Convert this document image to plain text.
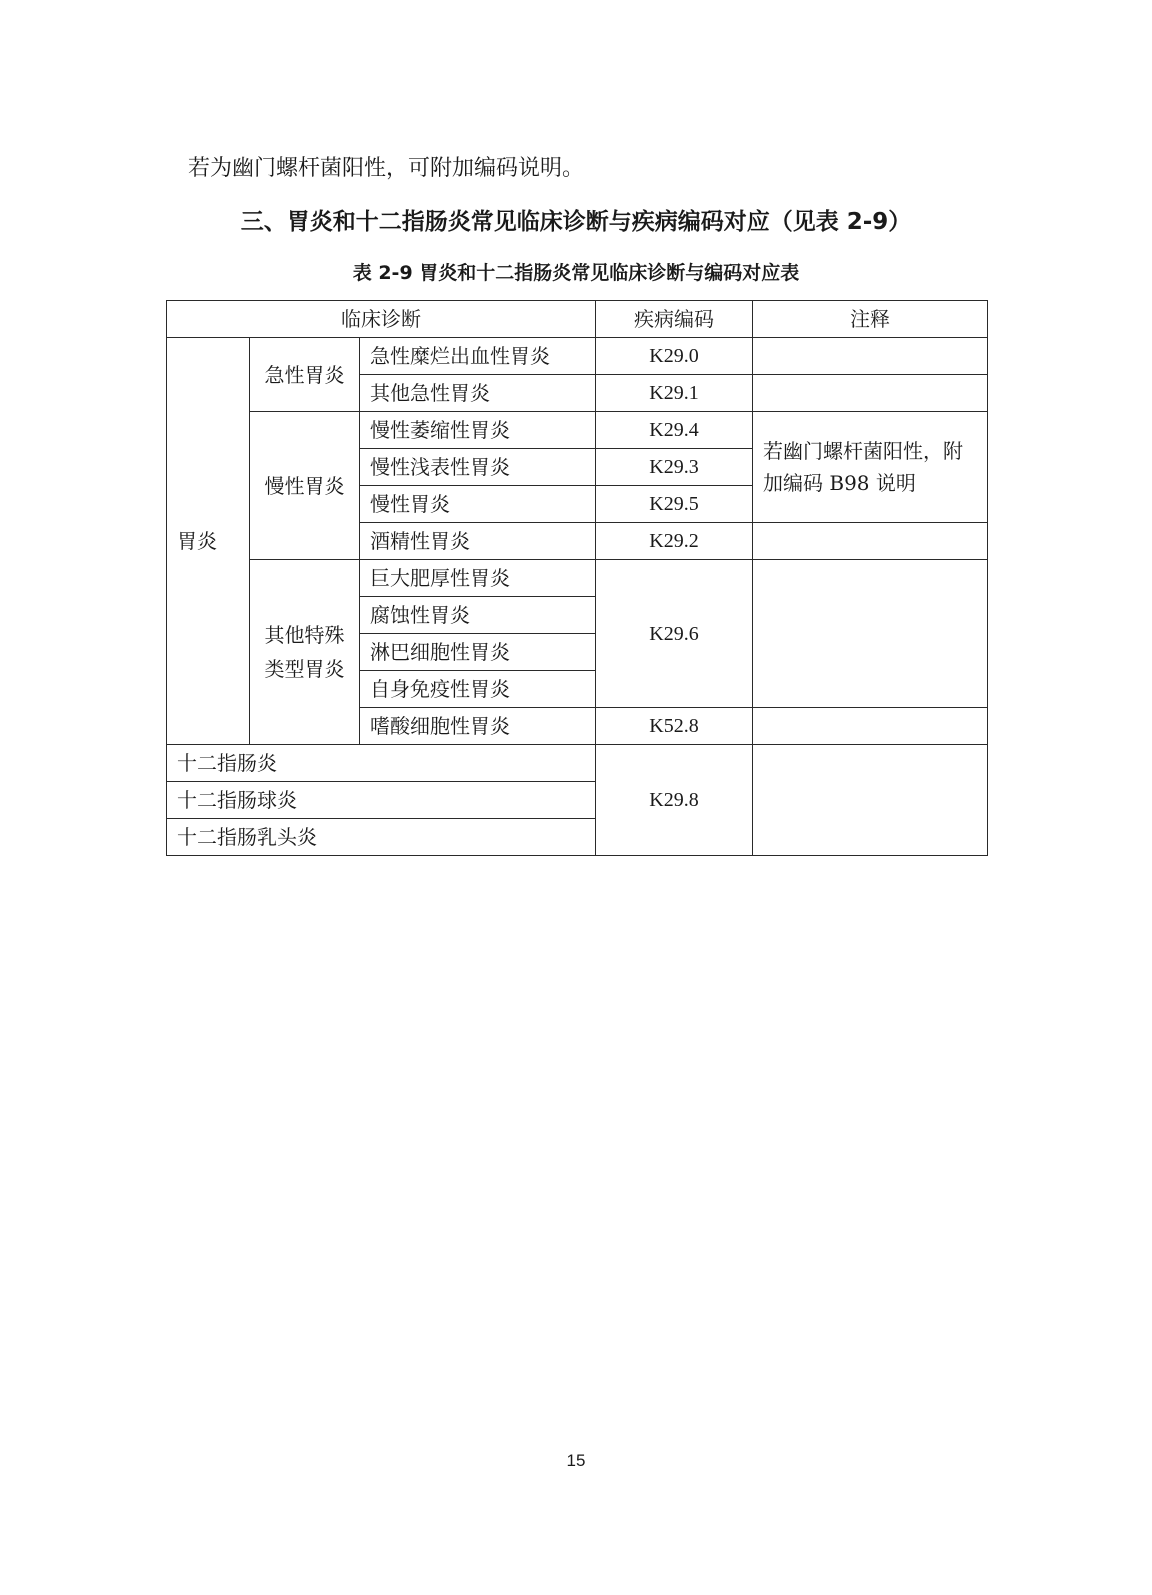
若为幽门螺杆菌阳性，可附加编码说明。
三、胃炎和十二指肠炎常见临床诊断与疾病编码对应（见表 2-9）
表 2-9 胃炎和十二指肠炎常见临床诊断与编码对应表
临床诊断			疾病编码	注释
胃炎	急性胃炎	急性糜烂出血性胃炎	K29.0	
		其他急性胃炎	K29.1	
	慢性胃炎	慢性萎缩性胃炎	K29.4	若幽门螺杆菌阳性，附加编码 B98 说明
		慢性浅表性胃炎	K29.3	
		慢性胃炎	K29.5	
		酒精性胃炎	K29.2	
	其他特殊类型胃炎	巨大肥厚性胃炎	K29.6	
		腐蚀性胃炎		
		淋巴细胞性胃炎		
		自身免疫性胃炎		
		嗜酸细胞性胃炎	K52.8	
十二指肠炎			K29.8	
十二指肠球炎				
十二指肠乳头炎				
15
